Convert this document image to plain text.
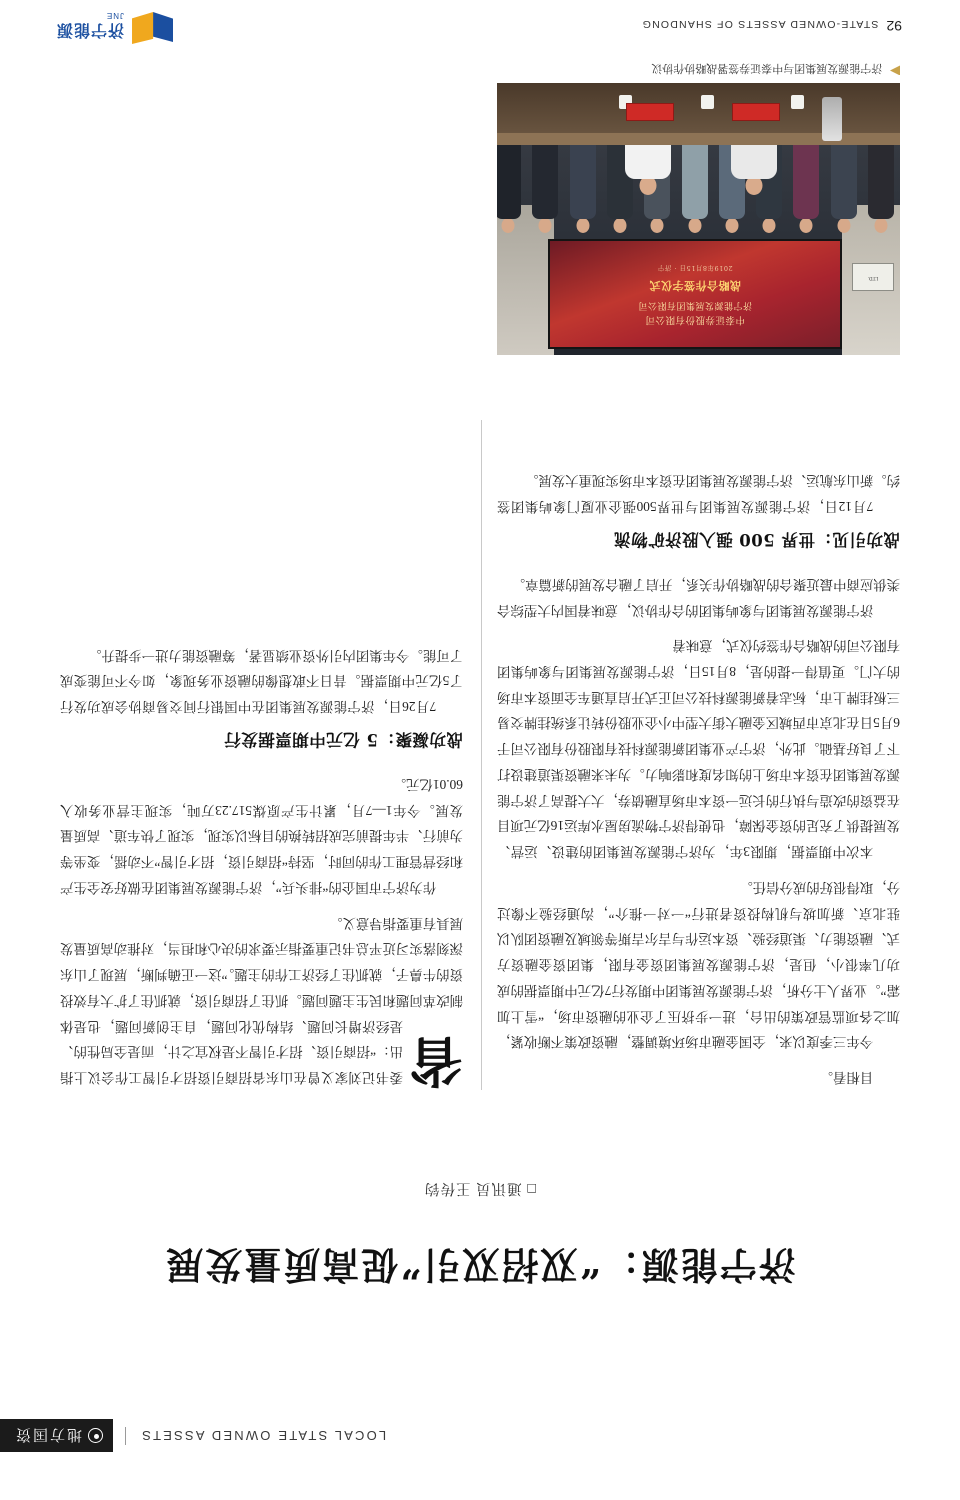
LOCAL STATE OWNED ASSETS
地方国资
济宁能源：“双招双引”促高质量发展
□ 通讯员 王传钧

目相看。

今年三季度以来，全国金融市场环境调整，融资政策不断收紧，加之各项监管政策的出台，进一步挤压了企业的融资市场，“雪上加霜”。业界人士分析，济宁能源发展集团中期发行7亿元中期票据的成功几率很小，但是，济宁能源发展集团资金有限，集团资金融资方式、融资能力、渠道经验、资本运作与吉尔吉斯等领域及融资团队以驻北京、新加坡与机构投资者进行“一对一推介”，沟通经验不像过分，取得很好的成分信任。

本次中期票据，期限3年，为济宁能源发展集团的建设、运营、发展提供了充足的资金保障，也使得济宁物流房屋水库运16亿元项目在益资的改造与执行的长远一资本市场直融债券，大大提高了济宁能源发展集团在资本市场上的知名度和影响力。为未来融资渠道建设打下了良好基础。此外，济宁产业集团新能源科技有限股份有限公司于6月5日在北京市西城区金融大街大型中小企业股份转让系统挂牌交易三板挂牌上市，标志着新能源科技公司正式开启直通车全面资本市场的大门。更值得一提的是，8月15日，济宁能源发展集团与象屿集团有限公司的战略合作签约仪式，意味着

济宁能源发展集团与象屿集团的合作协议，意味着国内大型综合类供应商中最近聚合的战略协作关系，开启了融合发展的新篇章。

战功引见：世界 500 强入股济矿物流

7月12日，济宁能源发展集团与世界500强企业厦门象屿集团签约。新山东航运、济宁能源发展集团在资本市场实现重大发展。

省
委书记刘家义曾在山东省招商引资招才引智工作会议上指出：“招商引资、招才引智不是权宜之计，而是全局性的、是经济增长问题、结构优化问题，自主创新问题，也是体制改革问题和民生主题问题。抓住了招商引资，就抓住了扩大有效投资的牛鼻子，就抓住了经济工作的主题。”这一正确判断，展现了山东深刻落实习近平总书记重要指示要求的决心和担当，对推动高质量发展具有重要指导意义。

作为济宁市国企的“排头兵”，济宁能源发展集团在做好安全生产和经营管理工作的同时，坚持“招商引资，招才引智”不动摇，变坐等为前行、半年提前完成招转换的目标以实现，实现了快车道、高质量发展。今年1—7月，累计生产原煤517.23万吨，实现主营业务收入60.01亿元。

战功凝聚：5 亿元中期票据发行

7月26日，济宁能源发展集团在中国银行间交易商协会成功发行了5亿元中期票据。昔日不敢想像的融资业务现象，如今不可能变成了可能。今年集团内引外资业绩显著，筹融资能力进一步提升。

LTD.
中泰证券股份有限公司
济宁能源发展集团有限公司
战略合作签字仪式
2019年8月15日 · 济宁
济宁能源发展集团与中泰证券签署战略协作协议
92
STATE-OWNED ASSETS OF SHANDONG
济宁能源
JNE
